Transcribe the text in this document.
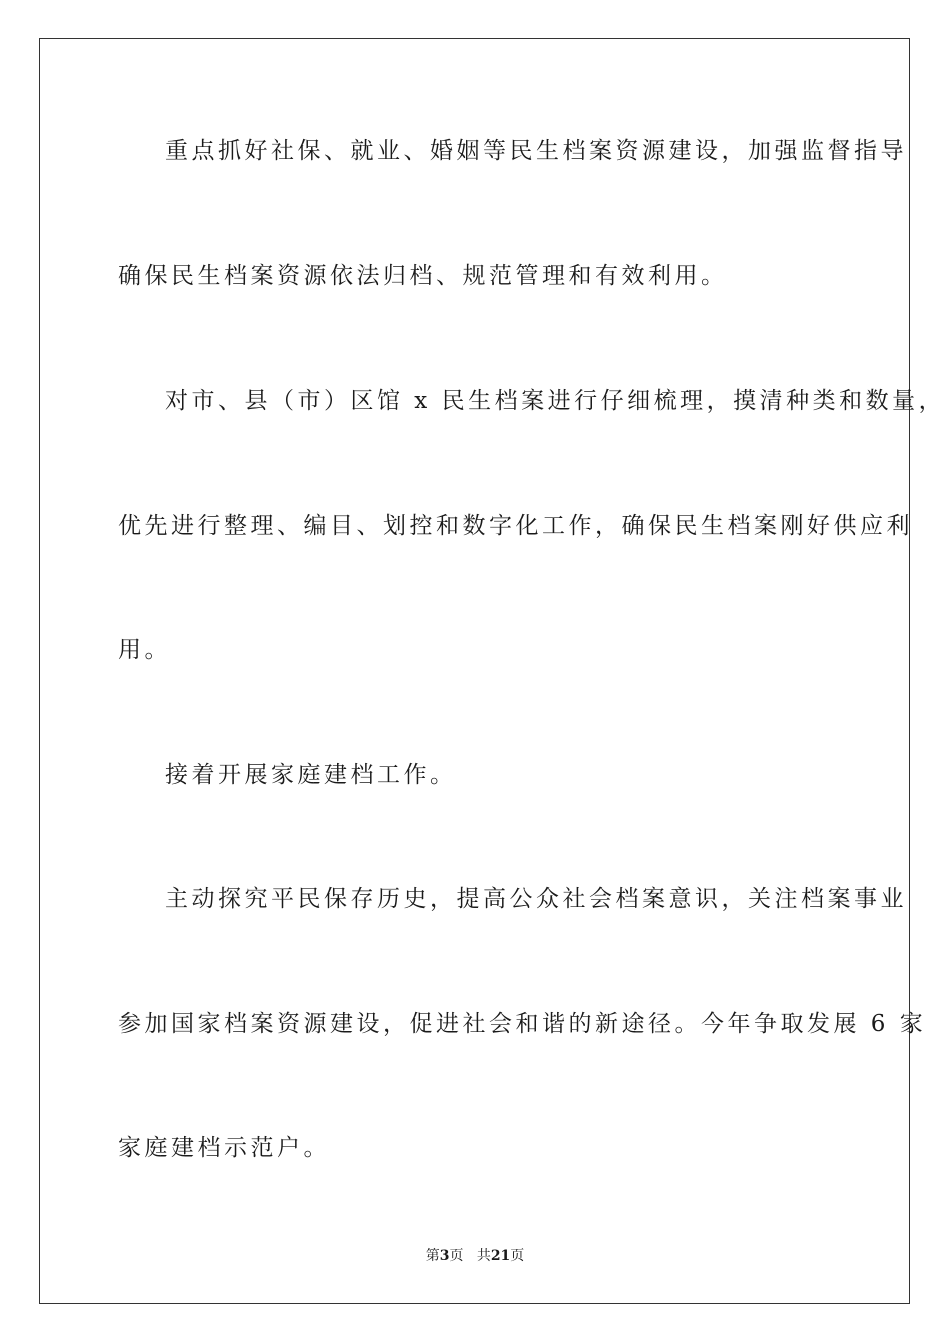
重点抓好社保、就业、婚姻等民生档案资源建设，加强监督指导
确保民生档案资源依法归档、规范管理和有效利用。
对市、县（市）区馆 x 民生档案进行仔细梳理，摸清种类和数量，
优先进行整理、编目、划控和数字化工作，确保民生档案刚好供应利
用。
接着开展家庭建档工作。
主动探究平民保存历史，提高公众社会档案意识，关注档案事业
参加国家档案资源建设，促进社会和谐的新途径。今年争取发展 6 家
家庭建档示范户。
第3页 共21页
